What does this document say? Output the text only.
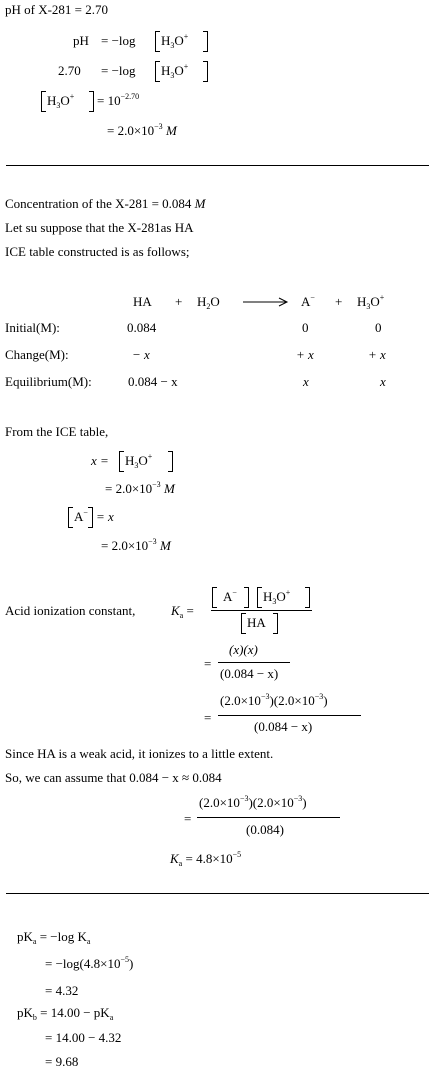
pH of X-281 = 2.70
pH = −log $H_3O^+$
2.70 = −log $H_3O^+$
$H_3O^+ = 10^{-2.70}$
= $2.0\times 10^{-3}$ M
Concentration of the X-281 = 0.084 M
Let su suppose that the X-281as HA
ICE table constructed is as follows;
HA + $H_2O \to A^- + H_3O^+$
Initial(M):	0.084	0	0
Change(M):	− x	+ x	+ x
Equilibrium(M):	0.084 − x	x	x
From the ICE table,
$x = H_3O^+$
= $2.0\times 10^{-3}$ M
A− = x
= $2.0\times 10^{-3}$ M
Acid ionization constant,	$K_a$ =
A− $H_3O^+$
HA
=
(x)(x)
(0.084 − x)
=
$(2.0\times 10^{-3})(2.0\times 10^{-3})$
(0.084 − x)
Since HA is a weak acid, it ionizes to a little extent.
So, we can assume that 0.084 − x ≈ 0.084
=
$(2.0\times 10^{-3})(2.0\times 10^{-3})$
(0.084)
$K_a = 4.8\times 10^{-5}$
$pK_a = -\log$ $K_a$
= $-\log(4.8\times 10^{-5})$
= 4.32
$pK_b = 14.00 - pK_a$
= 14.00 − 4.32
= 9.68
